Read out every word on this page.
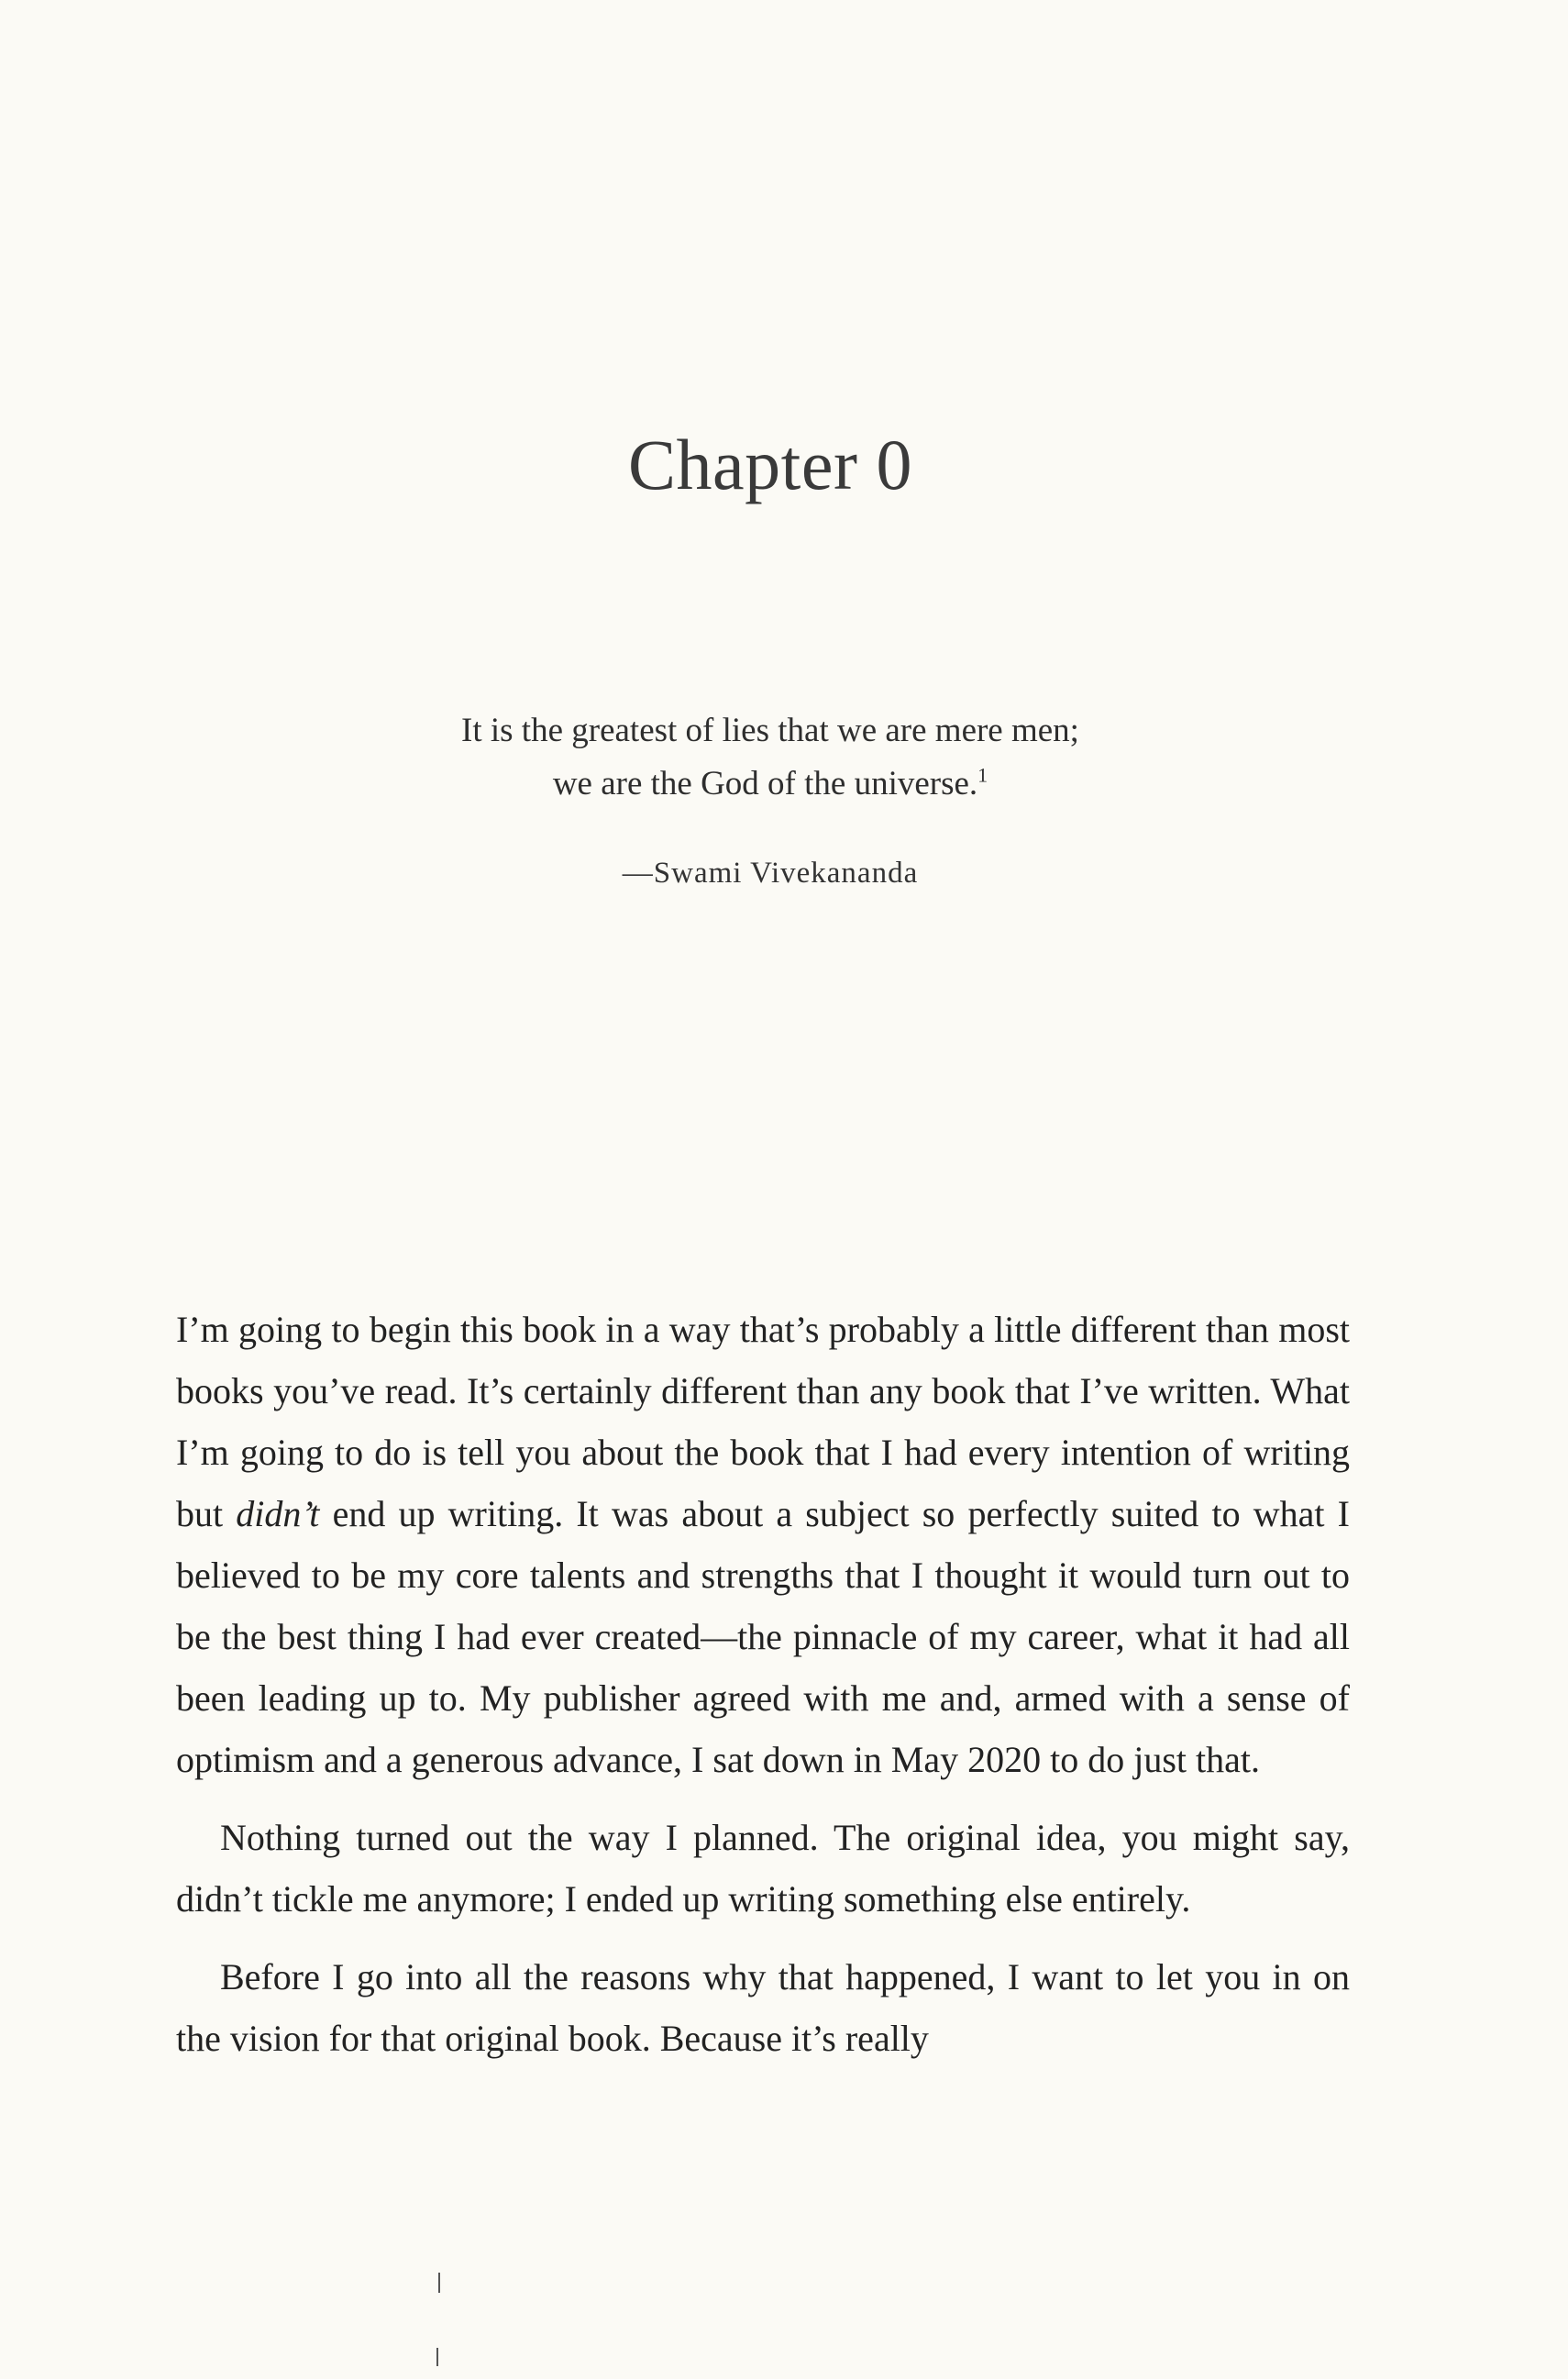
Chapter 0
It is the greatest of lies that we are mere men;
we are the God of the universe.$^1$
—Swami Vivekananda

I’m going to begin this book in a way that’s probably a little different than most books you’ve read. It’s certainly different than any book that I’ve written. What I’m going to do is tell you about the book that I had every intention of writing but didn’t end up writing. It was about a subject so perfectly suited to what I believed to be my core talents and strengths that I thought it would turn out to be the best thing I had ever created—the pinnacle of my career, what it had all been leading up to. My publisher agreed with me and, armed with a sense of optimism and a generous advance, I sat down in May 2020 to do just that.

Nothing turned out the way I planned. The original idea, you might say, didn’t tickle me anymore; I ended up writing something else entirely.

Before I go into all the reasons why that happened, I want to let you in on the vision for that original book. Because it’s really
